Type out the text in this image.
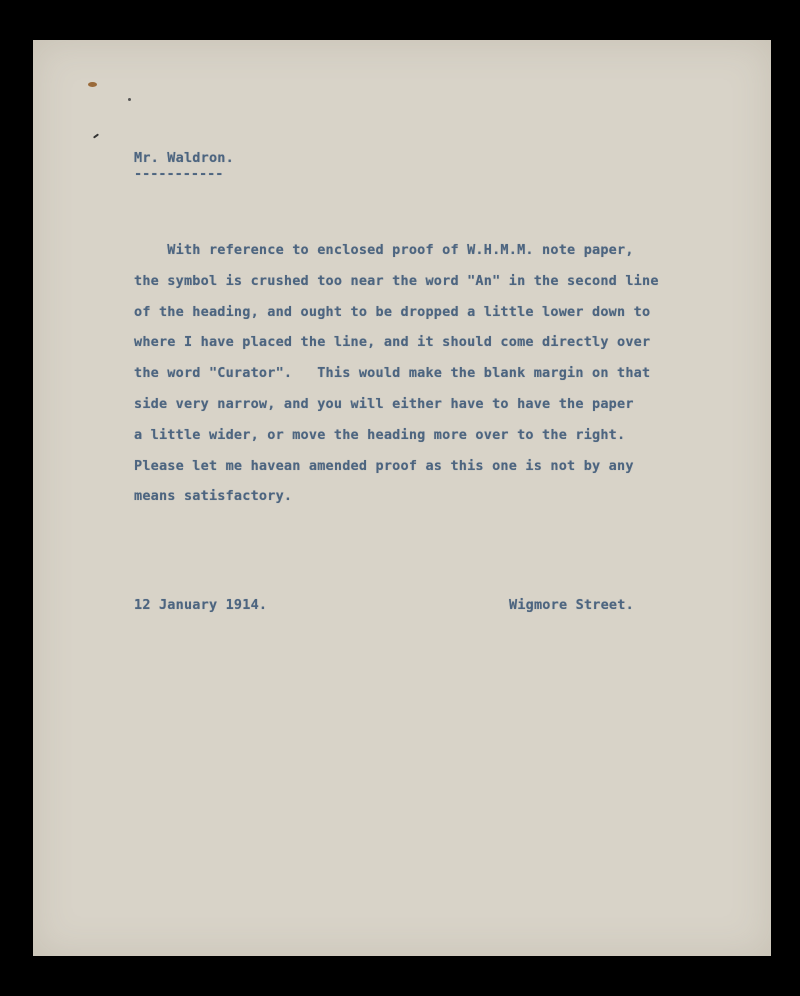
Mr. Waldron.
-----------
With reference to enclosed proof of W.H.M.M. note paper,
the symbol is crushed too near the word "An" in the second line
of the heading, and ought to be dropped a little lower down to
where I have placed the line, and it should come directly over
the word "Curator".   This would make the blank margin on that
side very narrow, and you will either have to have the paper
a little wider, or move the heading more over to the right.
Please let me havean amended proof as this one is not by any
means satisfactory.
12 January 1914.	Wigmore Street.
